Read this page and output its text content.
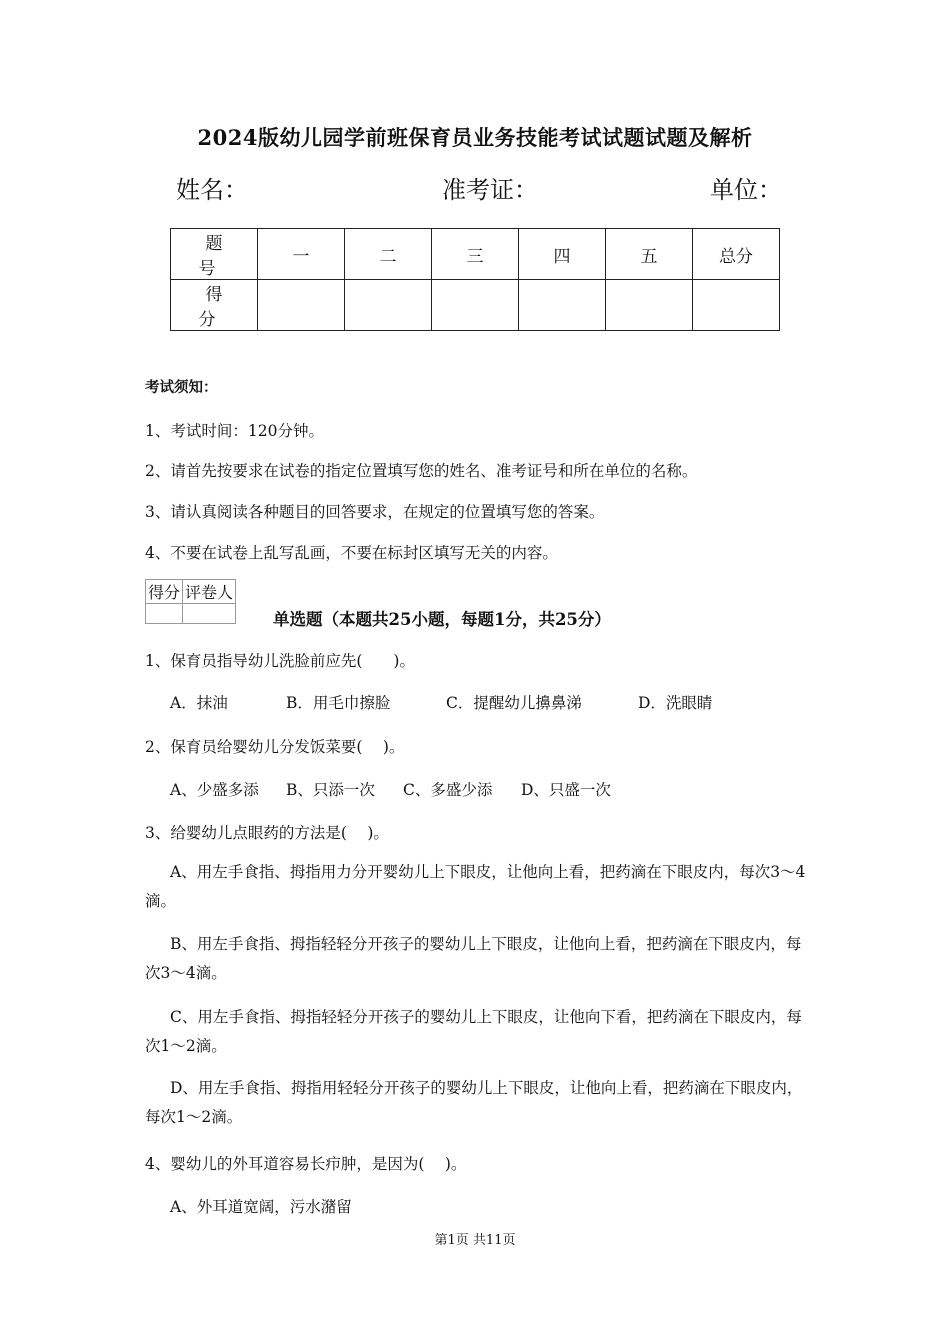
2024版幼儿园学前班保育员业务技能考试试题试题及解析
姓名：	准考证：	单位：
题　号	一	二	三	四	五	总分
得　分						
考试须知：
1、考试时间：120分钟。
2、请首先按要求在试卷的指定位置填写您的姓名、准考证号和所在单位的名称。
3、请认真阅读各种题目的回答要求，在规定的位置填写您的答案。
4、不要在试卷上乱写乱画，不要在标封区填写无关的内容。
得分	评卷人

单选题（本题共25小题，每题1分，共25分）
1、保育员指导幼儿洗脸前应先(　　)。
A．抹油	B．用毛巾擦脸	C．提醒幼儿擤鼻涕	D．洗眼睛
2、保育员给婴幼儿分发饭菜要(　 )。
A、少盛多添 B、只添一次 C、多盛少添 D、只盛一次
3、给婴幼儿点眼药的方法是(　 )。
A、用左手食指、拇指用力分开婴幼儿上下眼皮，让他向上看，把药滴在下眼皮内，每次3～4滴。
B、用左手食指、拇指轻轻分开孩子的婴幼儿上下眼皮，让他向上看，把药滴在下眼皮内，每次3～4滴。
C、用左手食指、拇指轻轻分开孩子的婴幼儿上下眼皮，让他向下看，把药滴在下眼皮内，每次1～2滴。
D、用左手食指、拇指用轻轻分开孩子的婴幼儿上下眼皮，让他向上看，把药滴在下眼皮内，每次1～2滴。
4、婴幼儿的外耳道容易长疖肿，是因为(　 )。
A、外耳道宽阔，污水潴留
第1页 共11页
